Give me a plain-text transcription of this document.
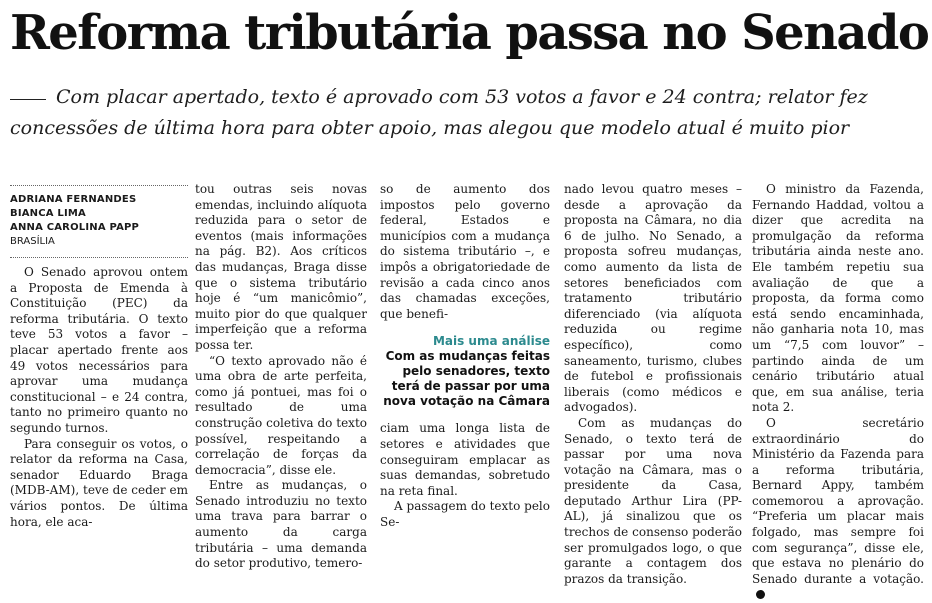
Reforma tributária passa no Senado

Com placar apertado, texto é aprovado com 53 votos a favor e 24 contra; relator fez concessões de última hora para obter apoio, mas alegou que modelo atual é muito pior

ADRIANA FERNANDES
BIANCA LIMA
ANNA CAROLINA PAPP
BRASÍLIA

O Senado aprovou ontem a Proposta de Emenda à Constituição (PEC) da reforma tributária. O texto teve 53 votos a favor – placar apertado frente aos 49 votos necessários para aprovar uma mudança constitucional – e 24 contra, tanto no primeiro quanto no segundo turnos.

Para conseguir os votos, o relator da reforma na Casa, senador Eduardo Braga (MDB-AM), teve de ceder em vários pontos. De última hora, ele aca-

tou outras seis novas emendas, incluindo alíquota reduzida para o setor de eventos (mais informações na pág. B2). Aos críticos das mudanças, Braga disse que o sistema tributário hoje é “um manicômio”, muito pior do que qualquer imperfeição que a reforma possa ter.

“O texto aprovado não é uma obra de arte perfeita, como já pontuei, mas foi o resultado de uma construção coletiva do texto possível, respeitando a correlação de forças da democracia”, disse ele.

Entre as mudanças, o Senado introduziu no texto uma trava para barrar o aumento da carga tributária – uma demanda do setor produtivo, temero-

so de aumento dos impostos pelo governo federal, Estados e municípios com a mudança do sistema tributário –, e impôs a obrigatoriedade de revisão a cada cinco anos das chamadas exceções, que benefi-

Mais uma análise
Com as mudanças feitas pelo senadores, texto terá de passar por uma nova votação na Câmara

ciam uma longa lista de setores e atividades que conseguiram emplacar as suas demandas, sobretudo na reta final.

A passagem do texto pelo Se-

nado levou quatro meses – desde a aprovação da proposta na Câmara, no dia 6 de julho. No Senado, a proposta sofreu mudanças, como aumento da lista de setores beneficiados com tratamento tributário diferenciado (via alíquota reduzida ou regime específico), como saneamento, turismo, clubes de futebol e profissionais liberais (como médicos e advogados).

Com as mudanças do Senado, o texto terá de passar por uma nova votação na Câmara, mas o presidente da Casa, deputado Arthur Lira (PP-AL), já sinalizou que os trechos de consenso poderão ser promulgados logo, o que garante a contagem dos prazos da transição.

O ministro da Fazenda, Fernando Haddad, voltou a dizer que acredita na promulgação da reforma tributária ainda neste ano. Ele também repetiu sua avaliação de que a proposta, da forma como está sendo encaminhada, não ganharia nota 10, mas um “7,5 com louvor” – partindo ainda de um cenário tributário atual que, em sua análise, teria nota 2.

O secretário extraordinário do Ministério da Fazenda para a reforma tributária, Bernard Appy, também comemorou a aprovação. “Preferia um placar mais folgado, mas sempre foi com segurança”, disse ele, que estava no plenário do Senado durante a votação.
